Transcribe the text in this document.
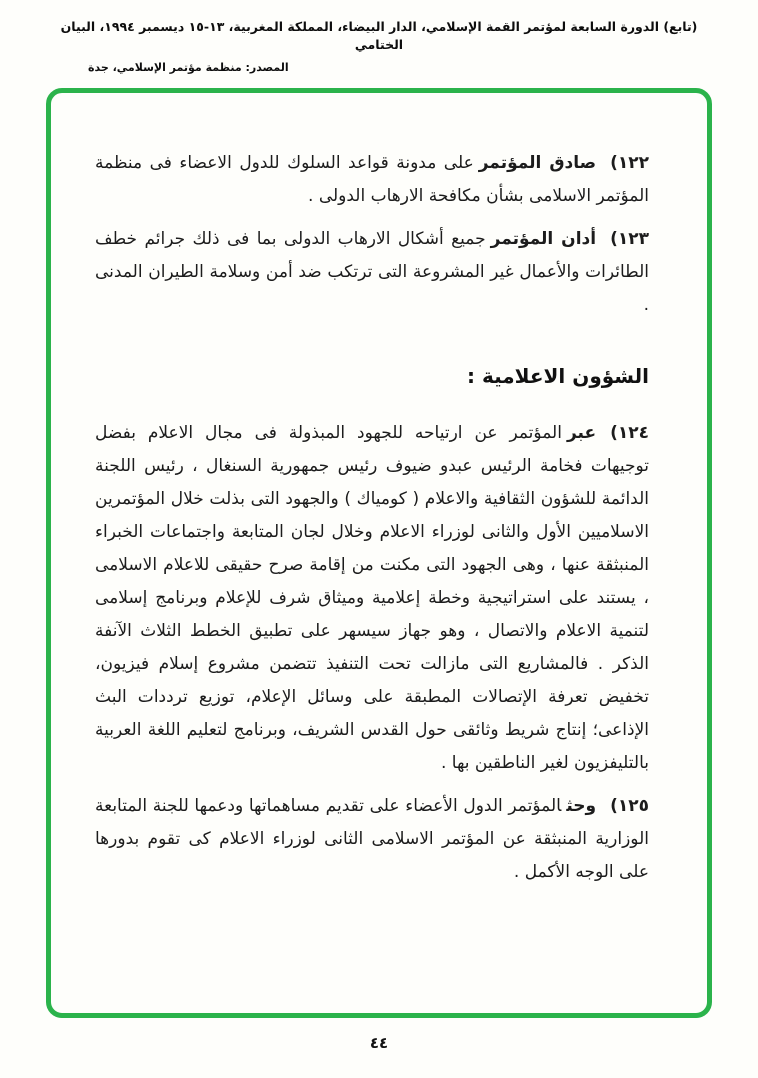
(تابع) الدورة السابعة لمؤتمر القمة الإسلامي، الدار البيضاء، المملكة المغربية، ١٣-١٥ ديسمبر ١٩٩٤، البيان الختامي
المصدر: منظمة مؤتمر الإسلامي، جدة
١٢٢)صادق المؤتمرعلى مدونة قواعد السلوك للدول الاعضاء فى منظمة المؤتمر الاسلامى بشأن مكافحة الارهاب الدولى .
١٢٣)أدان المؤتمرجميع أشكال الارهاب الدولى بما فى ذلك جرائم خطف الطائرات والأعمال غير المشروعة التى ترتكب ضد أمن وسلامة الطيران المدنى .
الشؤون الاعلامية :
١٢٤)عبرالمؤتمر عن ارتياحه للجهود المبذولة فى مجال الاعلام بفضل توجيهات فخامة الرئيس عبدو ضيوف رئيس جمهورية السنغال ، رئيس اللجنة الدائمة للشؤون الثقافية والاعلام ( كومياك ) والجهود التى بذلت خلال المؤتمرين الاسلاميين الأول والثانى لوزراء الاعلام وخلال لجان المتابعة واجتماعات الخبراء المنبثقة عنها ، وهى الجهود التى مكنت من إقامة صرح حقيقى للاعلام الاسلامى ، يستند على استراتيجية وخطة إعلامية وميثاق شرف للإعلام وبرنامج إسلامى لتنمية الاعلام والاتصال ، وهو جهاز سيسهر على تطبيق الخطط الثلاث الآنفة الذكر . فالمشاريع التى مازالت تحت التنفيذ تتضمن مشروع إسلام فيزيون، تخفيض تعرفة الإتصالات المطبقة على وسائل الإعلام، توزيع ترددات البث الإذاعى؛ إنتاج شريط وثائقى حول القدس الشريف، وبرنامج لتعليم اللغة العربية بالتليفزيون لغير الناطقين بها .
١٢٥)وحثالمؤتمر الدول الأعضاء على تقديم مساهماتها ودعمها للجنة المتابعة الوزارية المنبثقة عن المؤتمر الاسلامى الثانى لوزراء الاعلام كى تقوم بدورها على الوجه الأكمل .
٤٤
